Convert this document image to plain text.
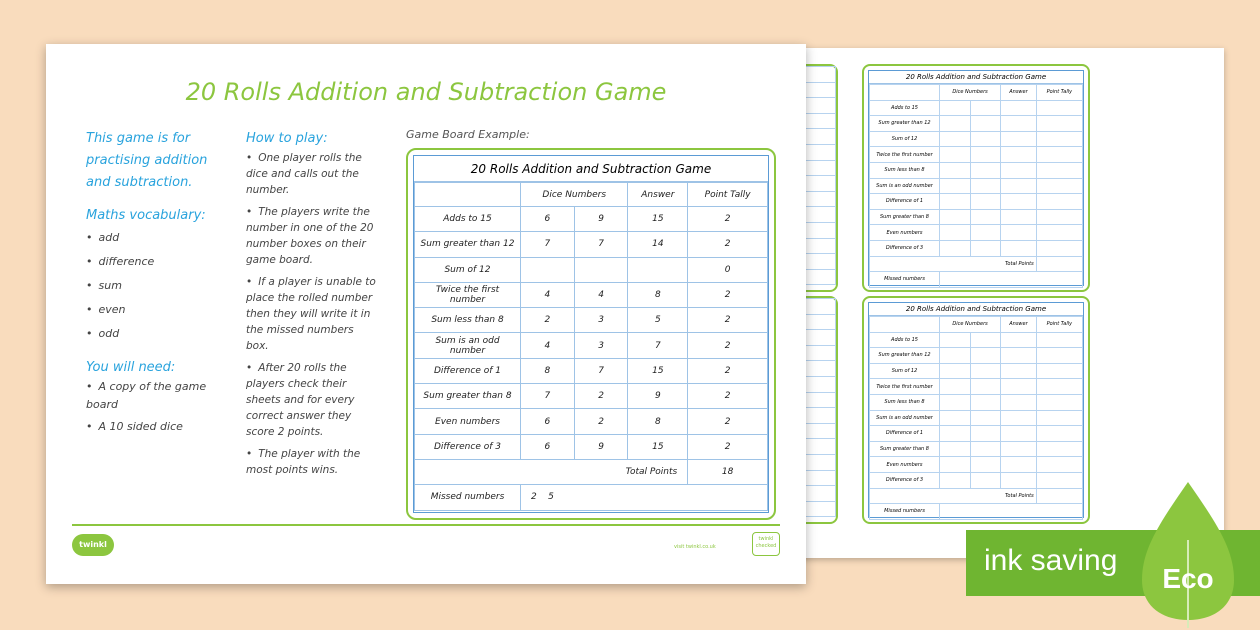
20 Rolls Addition and Subtraction Game
	Dice Numbers		Answer	Point Tally
Adds to 15				
Sum greater than 12				
Sum of 12				
Twice the first number				
Sum less than 8				
Sum is an odd number				
Difference of 1				
Sum greater than 8				
Even numbers				
Difference of 3				
Total Points				
Missed numbers				
20 Rolls Addition and Subtraction Game
	Dice Numbers		Answer	Point Tally
Adds to 15				
Sum greater than 12				
Sum of 12				
Twice the first number				
Sum less than 8				
Sum is an odd number				
Difference of 1				
Sum greater than 8				
Even numbers				
Difference of 3				
Total Points				
Missed numbers				
20 Rolls Addition and Subtraction Game
This game is for practising addition and subtraction.
Maths vocabulary:
• add
• difference
• sum
• even
• odd
You will need:
• A copy of the game board
• A 10 sided dice
How to play:
• One player rolls the dice and calls out the number.
• The players write the number in one of the 20 number boxes on their game board.
• If a player is unable to place the rolled number then they will write it in the missed numbers box.
• After 20 rolls the players check their sheets and for every correct answer they score 2 points.
• The player with the most points wins.
Game Board Example:
20 Rolls Addition and Subtraction Game
	Dice Numbers		Answer	Point Tally
Adds to 15	6	9	15	2
Sum greater than 12	7	7	14	2
Sum of 12				0
Twice the first number	4	4	8	2
Sum less than 8	2	3	5	2
Sum is an odd number	4	3	7	2
Difference of 1	8	7	15	2
Sum greater than 8	7	2	9	2
Even numbers	6	2	8	2
Difference of 3	6	9	15	2
Total Points				18
Missed numbers	2    5			
twinkl	visit twinkl.co.uk
twinkl checked	ink saving
Eco
